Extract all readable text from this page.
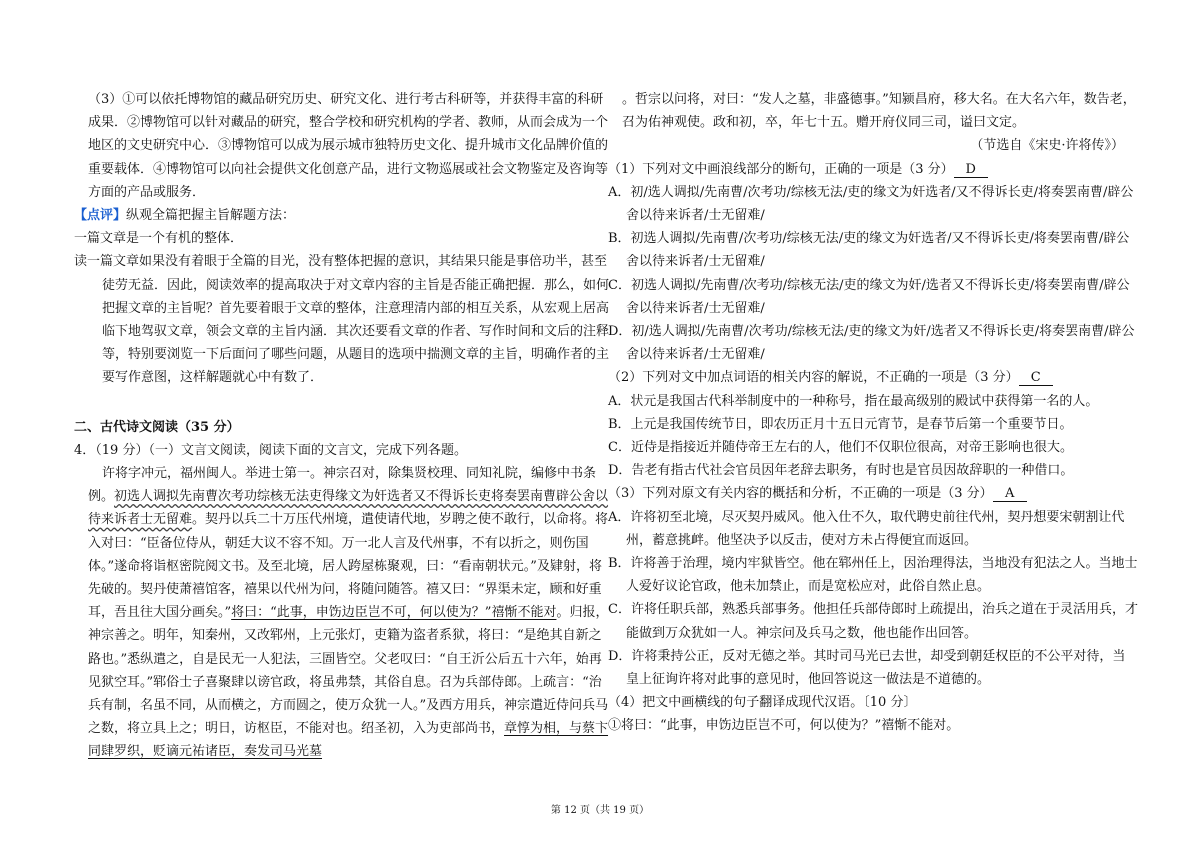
（3）①可以依托博物馆的藏品研究历史、研究文化、进行考古科研等，并获得丰富的科研成果．②博物馆可以针对藏品的研究，整合学校和研究机构的学者、教师，从而会成为一个地区的文史研究中心．③博物馆可以成为展示城市独特历史文化、提升城市文化品牌价值的重要载体．④博物馆可以向社会提供文化创意产品，进行文物巡展或社会文物鉴定及咨询等方面的产品或服务．

【点评】纵观全篇把握主旨解题方法：

一篇文章是一个有机的整体．

读一篇文章如果没有着眼于全篇的目光，没有整体把握的意识，其结果只能是事倍功半，甚至徒劳无益．因此，阅读效率的提高取决于对文章内容的主旨是否能正确把握．那么，如何把握文章的主旨呢？首先要着眼于文章的整体，注意理清内部的相互关系，从宏观上居高临下地驾驭文章，领会文章的主旨内涵．其次还要看文章的作者、写作时间和文后的注释等，特别要浏览一下后面问了哪些问题，从题目的选项中揣测文章的主旨，明确作者的主要写作意图，这样解题就心中有数了．

二、古代诗文阅读（35 分）

4．（19 分）（一）文言文阅读，阅读下面的文言文，完成下列各题。

许将字冲元，福州闽人。举进士第一。神宗召对，除集贤校理、同知礼院，编修中书条例。初选人调拟先南曹次考功综核无法吏得缘文为奸选者又不得诉长吏将奏罢南曹辟公舍以待来诉者士无留难。契丹以兵二十万压代州境，遣使请代地，岁聘之使不敢行，以命将。将入对曰：“臣备位侍从，朝廷大议不容不知。万一北人言及代州事，不有以折之，则伤国体。”遂命将诣枢密院阅文书。及至北境，居人跨屋栋聚观，曰：“看南朝状元。”及肄射，将先破的。契丹使萧禧馆客，禧果以代州为问，将随问随答。禧又曰：“界渠未定，顾和好重耳，吾且往大国分画矣。”将曰：“此事，申饬边臣岂不可，何以使为？”禧惭不能对。归报，神宗善之。明年，知秦州，又改郓州，上元张灯，吏籍为盗者系狱，将曰：“是绝其自新之路也。”悉纵遣之，自是民无一人犯法，三圄皆空。父老叹曰：“自王沂公后五十六年，始再见狱空耳。”郓俗士子喜聚肆以谤官政，将虽弗禁，其俗自息。召为兵部侍郎。上疏言：“治兵有制，名虽不同，从而横之，方而圆之，使万众犹一人。”及西方用兵，神宗遣近侍问兵马之数，将立具上之；明日，访枢臣，不能对也。绍圣初，入为吏部尚书，章惇为相，与蔡卞同肆罗织，贬谪元祐诸臣，奏发司马光墓

。哲宗以问将，对曰：“发人之墓，非盛德事。”知颍昌府，移大名。在大名六年，数告老，召为佑神观使。政和初，卒，年七十五。赠开府仪同三司，谥曰文定。

（节选自《宋史·许将传》）

（1）下列对文中画浪线部分的断句，正确的一项是（3 分） D

A．初/选人调拟/先南曹/次考功/综核无法/吏的缘文为奸选者/又不得诉长吏/将奏罢南曹/辟公舍以待来诉者/士无留难/

B．初选人调拟/先南曹/次考功/综核无法/吏的缘文为奸选者/又不得诉长吏/将奏罢南曹/辟公舍以待来诉者/士无留难/

C．初选人调拟/先南曹/次考功/综核无法/吏的缘文为奸/选者又不得诉长吏/将奏罢南曹/辟公舍以待来诉者/士无留难/

D．初/选人调拟/先南曹/次考功/综核无法/吏的缘文为奸/选者又不得诉长吏/将奏罢南曹/辟公舍以待来诉者/士无留难/

（2）下列对文中加点词语的相关内容的解说，不正确的一项是（3 分） C

A．状元是我国古代科举制度中的一种称号，指在最高级别的殿试中获得第一名的人。

B．上元是我国传统节日，即农历正月十五日元宵节，是春节后第一个重要节日。

C．近侍是指接近并随侍帝王左右的人，他们不仅职位很高，对帝王影响也很大。

D．告老有指古代社会官员因年老辞去职务，有时也是官员因故辞职的一种借口。

（3）下列对原文有关内容的概括和分析，不正确的一项是（3 分） A

A．许将初至北境，尽灭契丹威风。他入仕不久，取代聘史前往代州，契丹想要宋朝割让代州，蓄意挑衅。他坚决予以反击，使对方未占得便宜而返回。

B．许将善于治理，境内牢狱皆空。他在郓州任上，因治理得法，当地没有犯法之人。当地士人爱好议论官政，他未加禁止，而是宽松应对，此俗自然止息。

C．许将任职兵部，熟悉兵部事务。他担任兵部侍郎时上疏提出，治兵之道在于灵活用兵，才能做到万众犹如一人。神宗问及兵马之数，他也能作出回答。

D．许将秉持公正，反对无德之举。其时司马光已去世，却受到朝廷权臣的不公平对待，当皇上征询许将对此事的意见时，他回答说这一做法是不道德的。

（4）把文中画横线的句子翻译成现代汉语。〔10 分〕

①将曰：“此事，申饬边臣岂不可，何以使为？”禧惭不能对。

第 12 页（共 19 页）
